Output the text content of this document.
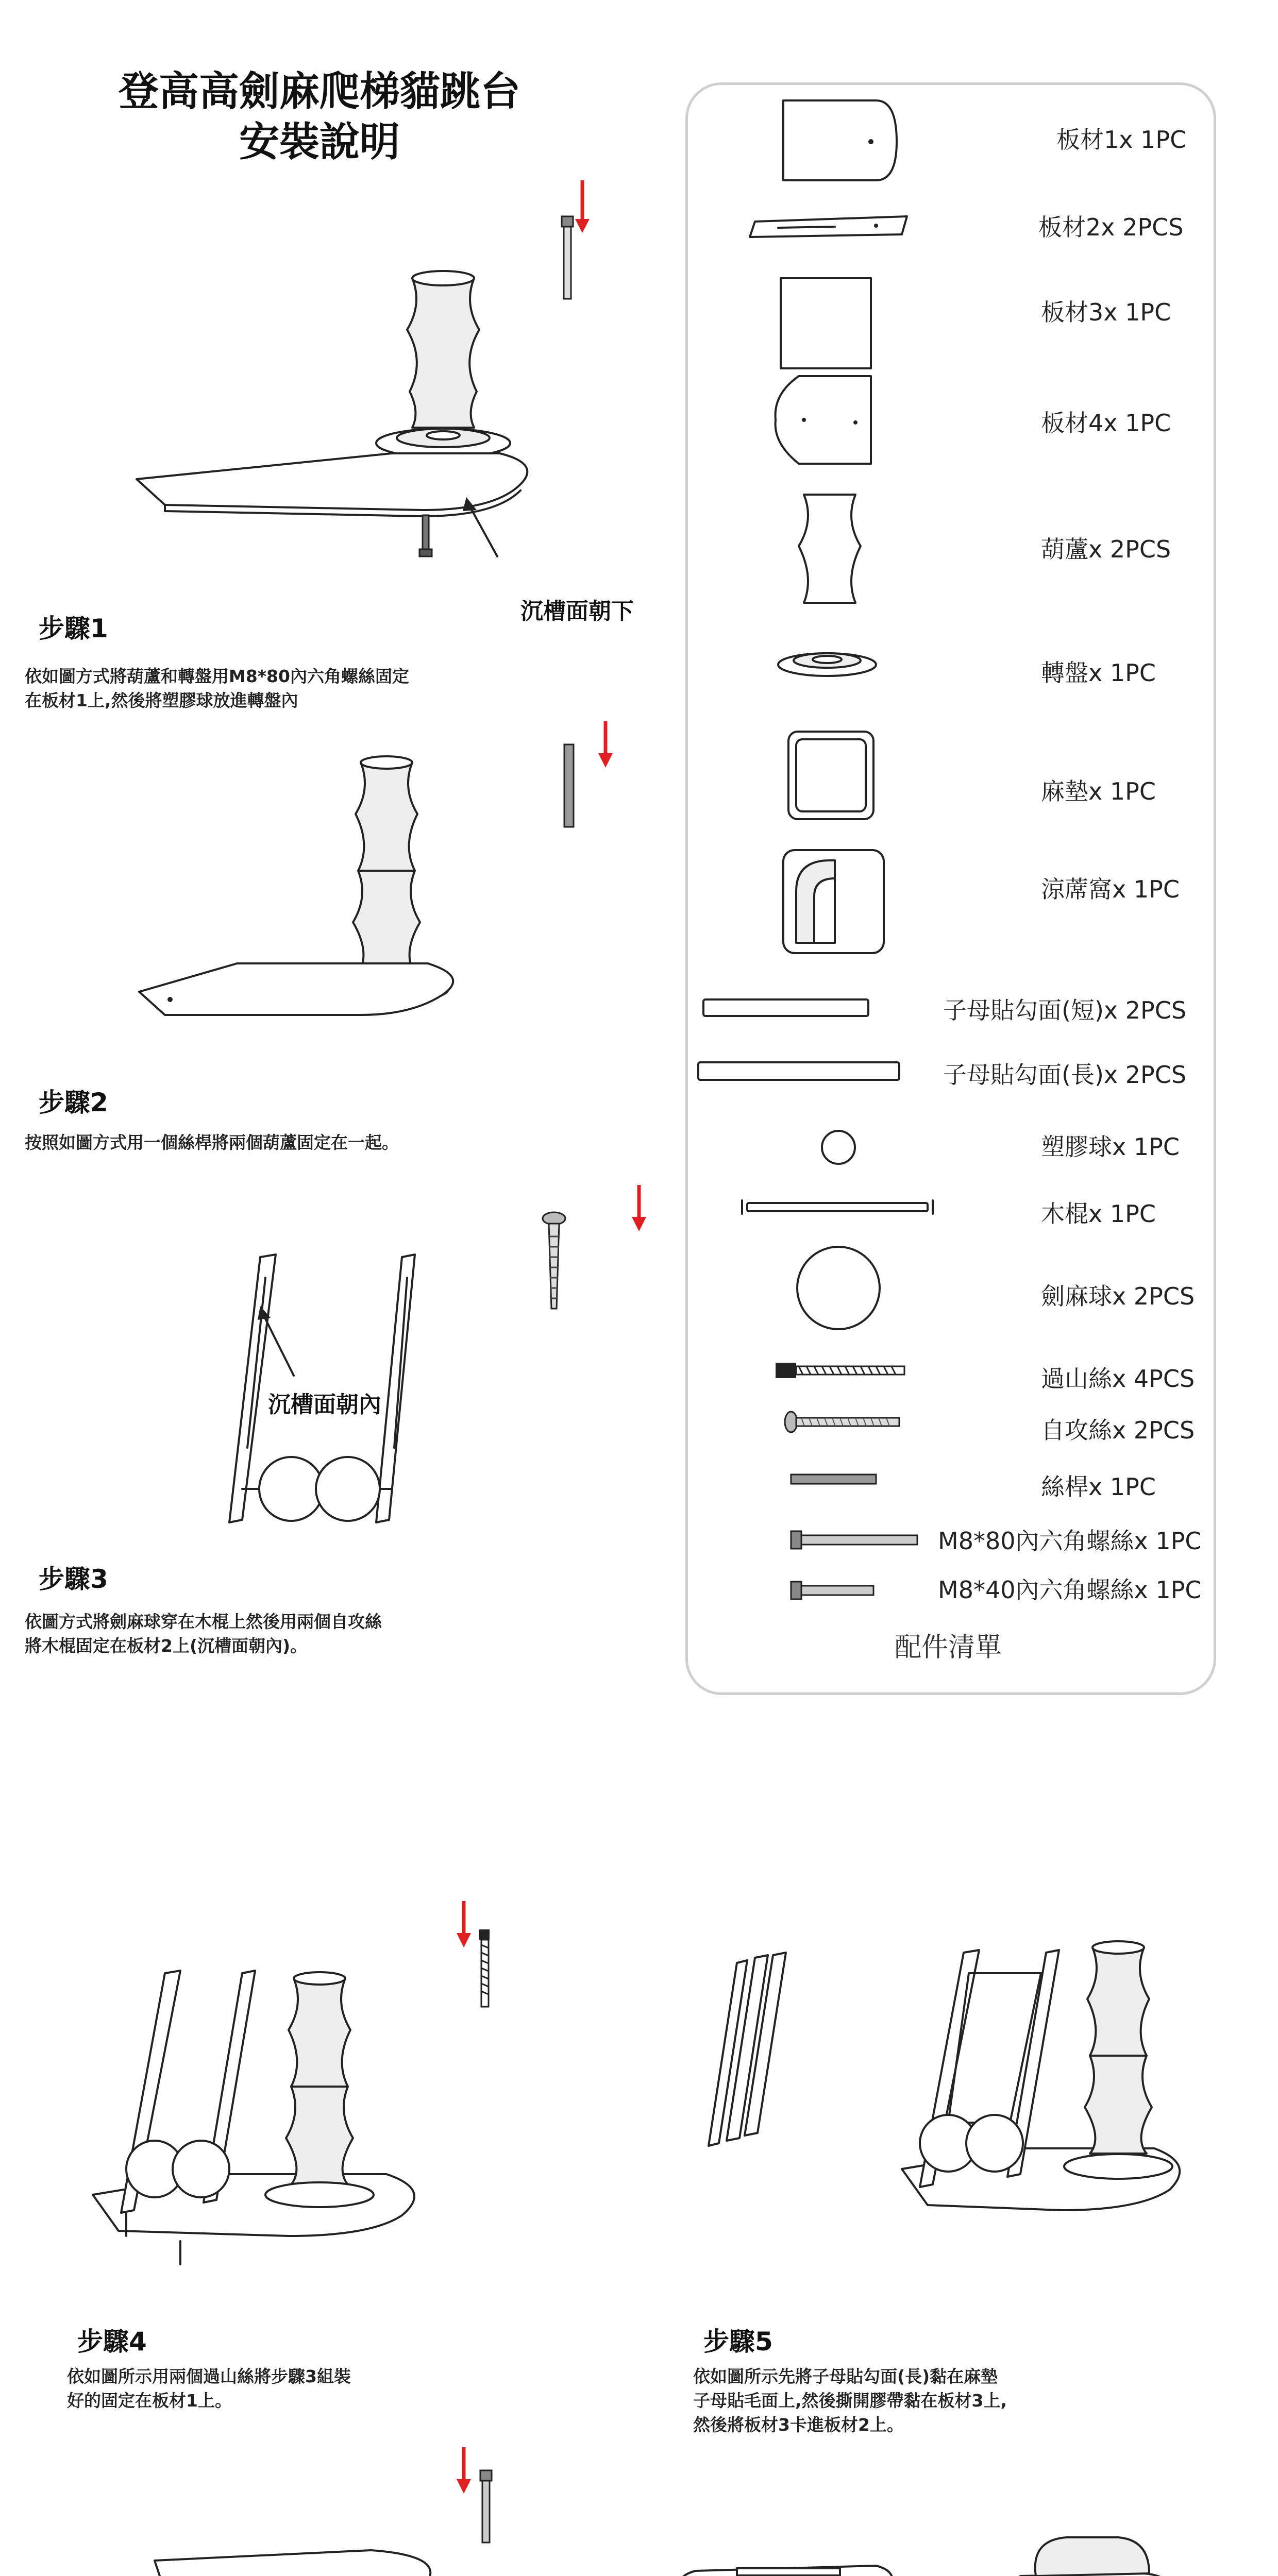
登高高劍麻爬梯貓跳台
安裝說明	板材1x 1PC
板材2x 2PCS
板材3x 1PC
板材4x 1PC
葫蘆x 2PCS
轉盤x 1PC
麻墊x 1PC
涼蓆窩x 1PC
子母貼勾面(短)x 2PCS
子母貼勾面(長)x 2PCS
塑膠球x 1PC
木棍x 1PC
劍麻球x 2PCS
過山絲x 4PCS
自攻絲x 2PCS
絲桿x 1PC
M8*80內六角螺絲x 1PC
M8*40內六角螺絲x 1PC
配件清單
沉槽面朝下
步驟1
依如圖方式將葫蘆和轉盤用M8*80內六角螺絲固定
在板材1上,然後將塑膠球放進轉盤內
步驟2
按照如圖方式用一個絲桿將兩個葫蘆固定在一起。
沉槽面朝內
步驟3
依圖方式將劍麻球穿在木棍上然後用兩個自攻絲
將木棍固定在板材2上(沉槽面朝內)。
步驟4
依如圖所示用兩個過山絲將步驟3組裝
好的固定在板材1上。
步驟5
依如圖所示先將子母貼勾面(長)黏在麻墊
子母貼毛面上,然後撕開膠帶黏在板材3上,
然後將板材3卡進板材2上。
